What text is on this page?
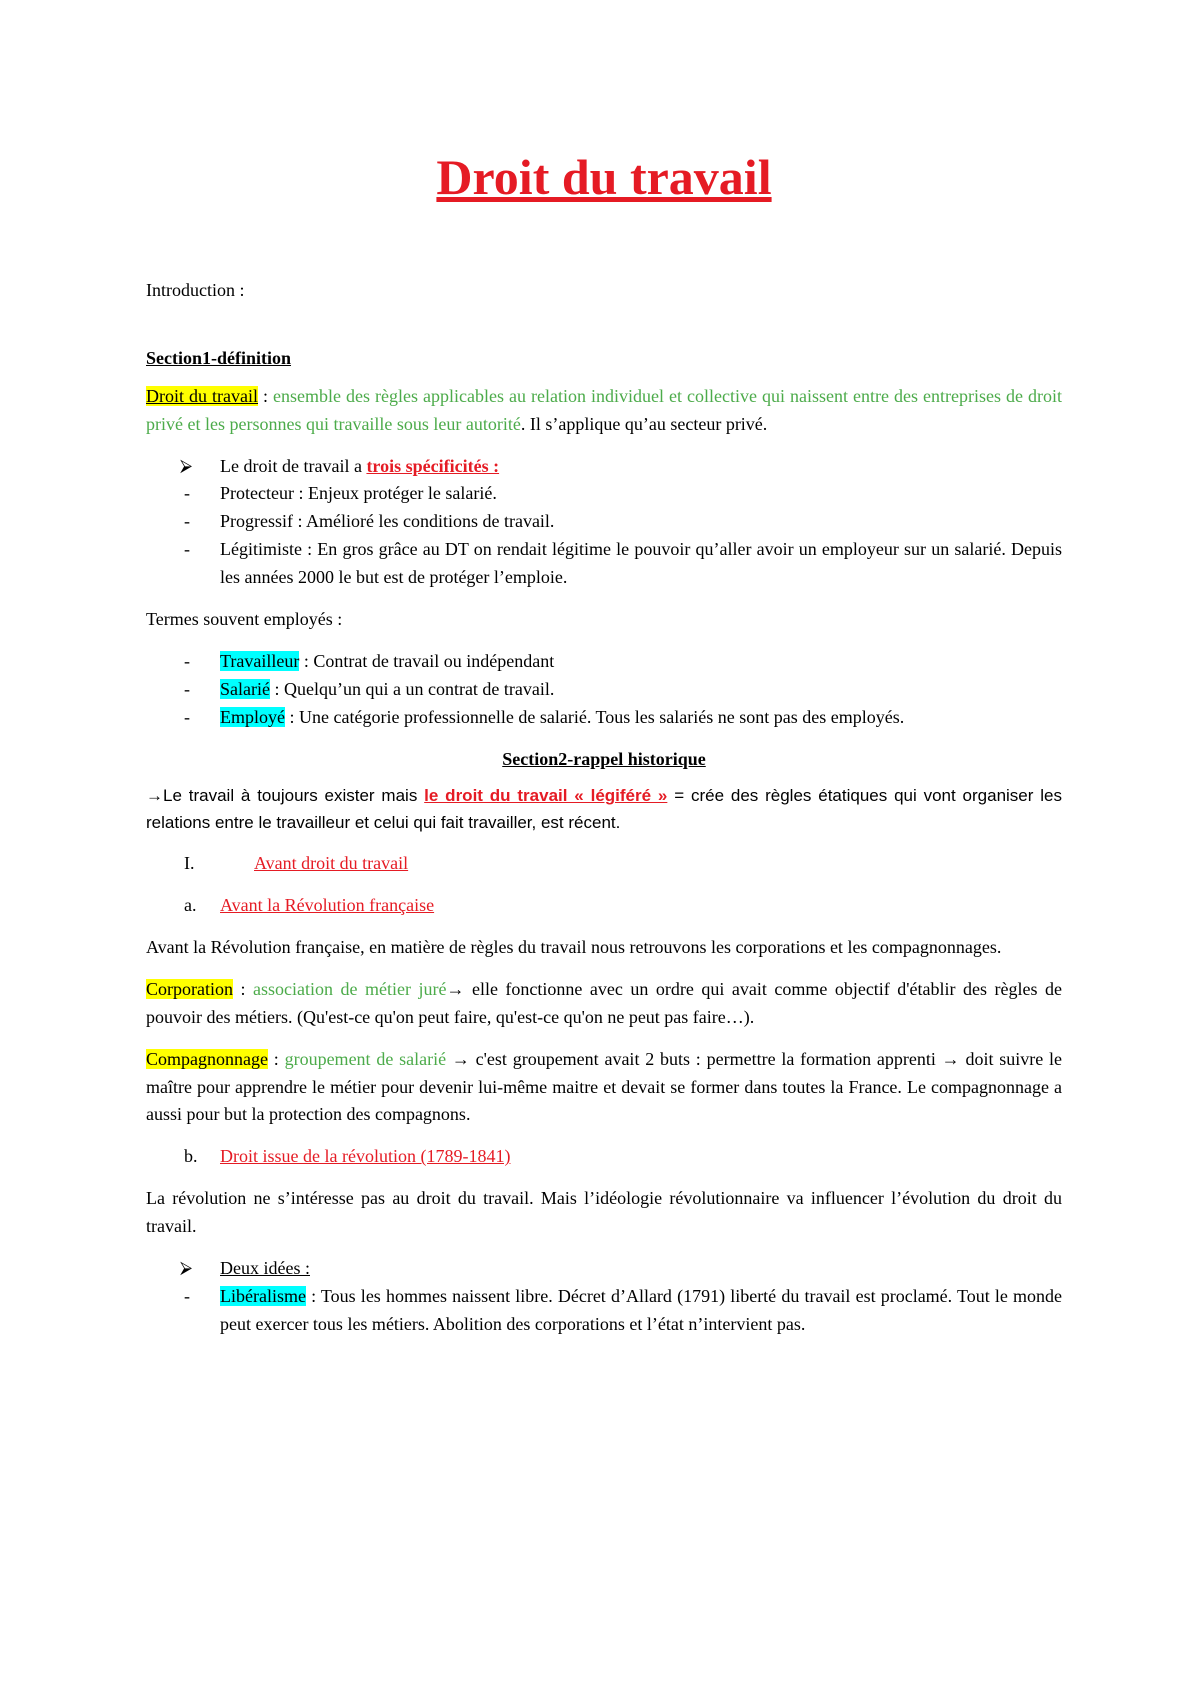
Droit du travail

Introduction :

Section1-définition

Droit du travail : ensemble des règles applicables au relation individuel et collective qui naissent entre des entreprises de droit privé et les personnes qui travaille sous leur autorité. Il s’applique qu’au secteur privé.

⮚ Le droit de travail a trois spécificités :
- Protecteur : Enjeux protéger le salarié.
- Progressif : Amélioré les conditions de travail.
- Légitimiste : En gros grâce au DT on rendait légitime le pouvoir qu’aller avoir un employeur sur un salarié. Depuis les années 2000 le but est de protéger l’emploie.

Termes souvent employés :

- Travailleur : Contrat de travail ou indépendant
- Salarié : Quelqu’un qui a un contrat de travail.
- Employé : Une catégorie professionnelle de salarié. Tous les salariés ne sont pas des employés.
Section2-rappel historique

→Le travail à toujours exister mais le droit du travail « légiféré » = crée des règles étatiques qui vont organiser les relations entre le travailleur et celui qui fait travailler, est récent.

I.	Avant droit du travail
a. Avant la Révolution française

Avant la Révolution française, en matière de règles du travail nous retrouvons les corporations et les compagnonnages.

Corporation : association de métier juré→ elle fonctionne avec un ordre qui avait comme objectif d'établir des règles de pouvoir des métiers. (Qu'est-ce qu'on peut faire, qu'est-ce qu'on ne peut pas faire…).

Compagnonnage : groupement de salarié → c'est groupement avait 2 buts : permettre la formation apprenti → doit suivre le maître pour apprendre le métier pour devenir lui-même maitre et devait se former dans toutes la France. Le compagnonnage a aussi pour but la protection des compagnons.

b. Droit issue de la révolution (1789-1841)

La révolution ne s’intéresse pas au droit du travail. Mais l’idéologie révolutionnaire va influencer l’évolution du droit du travail.

⮚ Deux idées :
- Libéralisme : Tous les hommes naissent libre. Décret d’Allard (1791) liberté du travail est proclamé. Tout le monde peut exercer tous les métiers. Abolition des corporations et l’état n’intervient pas.
